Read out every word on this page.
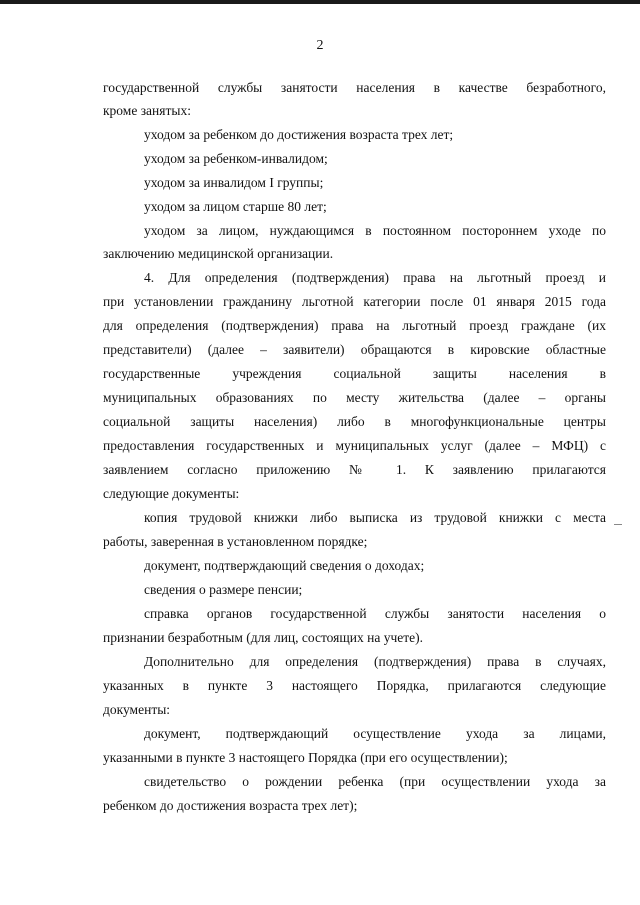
2
государственной службы занятости населения в качестве безработного,
кроме занятых:
уходом за ребенком до достижения возраста трех лет;
уходом за ребенком-инвалидом;
уходом за инвалидом I группы;
уходом за лицом старше 80 лет;
уходом за лицом, нуждающимся в постоянном постороннем уходе по
заключению медицинской организации.
4. Для определения (подтверждения) права на льготный проезд и
при установлении гражданину льготной категории после 01 января 2015 года
для определения (подтверждения) права на льготный проезд граждане (их
представители) (далее – заявители) обращаются в кировские областные
государственные учреждения социальной защиты населения в
муниципальных образованиях по месту жительства (далее – органы
социальной защиты населения) либо в многофункциональные центры
предоставления государственных и муниципальных услуг (далее – МФЦ) с
заявлением согласно приложению № 1. К заявлению прилагаются
следующие документы:
копия трудовой книжки либо выписка из трудовой книжки с места
работы, заверенная в установленном порядке;
документ, подтверждающий сведения о доходах;
сведения о размере пенсии;
справка органов государственной службы занятости населения о
признании безработным (для лиц, состоящих на учете).
Дополнительно для определения (подтверждения) права в случаях,
указанных в пункте 3 настоящего Порядка, прилагаются следующие
документы:
документ, подтверждающий осуществление ухода за лицами,
указанными в пункте 3 настоящего Порядка (при его осуществлении);
свидетельство о рождении ребенка (при осуществлении ухода за
ребенком до достижения возраста трех лет);
